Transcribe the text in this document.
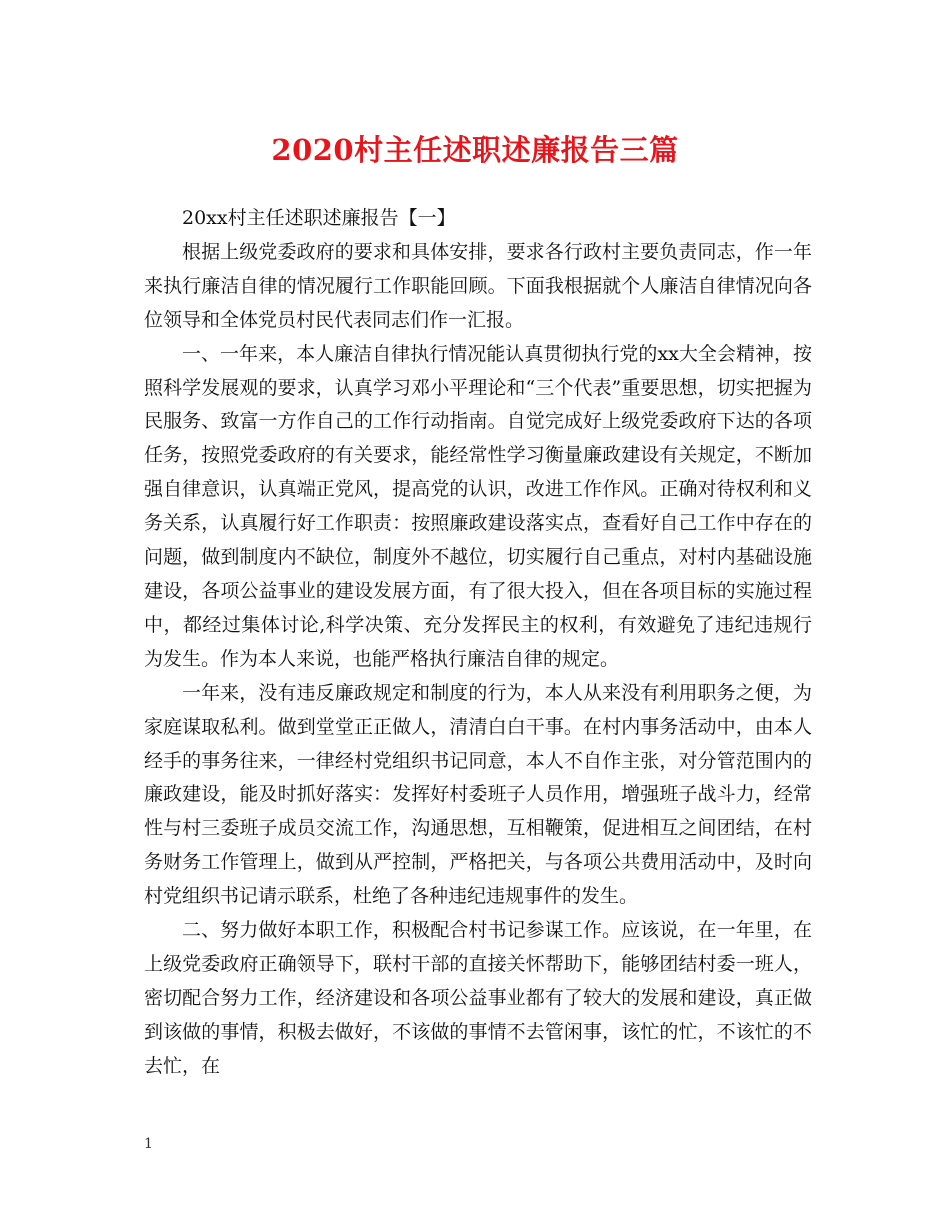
2020村主任述职述廉报告三篇

20xx村主任述职述廉报告【一】

根据上级党委政府的要求和具体安排，要求各行政村主要负责同志，作一年来执行廉洁自律的情况履行工作职能回顾。下面我根据就个人廉洁自律情况向各位领导和全体党员村民代表同志们作一汇报。

一、一年来，本人廉洁自律执行情况能认真贯彻执行党的xx大全会精神，按照科学发展观的要求，认真学习邓小平理论和“三个代表”重要思想，切实把握为民服务、致富一方作自己的工作行动指南。自觉完成好上级党委政府下达的各项任务，按照党委政府的有关要求，能经常性学习衡量廉政建设有关规定，不断加强自律意识，认真端正党风，提高党的认识，改进工作作风。正确对待权利和义务关系，认真履行好工作职责：按照廉政建设落实点，查看好自己工作中存在的问题，做到制度内不缺位，制度外不越位，切实履行自己重点，对村内基础设施建设，各项公益事业的建设发展方面，有了很大投入，但在各项目标的实施过程中，都经过集体讨论,科学决策、充分发挥民主的权利，有效避免了违纪违规行为发生。作为本人来说，也能严格执行廉洁自律的规定。

一年来，没有违反廉政规定和制度的行为，本人从来没有利用职务之便，为家庭谋取私利。做到堂堂正正做人，清清白白干事。在村内事务活动中，由本人经手的事务往来，一律经村党组织书记同意，本人不自作主张，对分管范围内的廉政建设，能及时抓好落实：发挥好村委班子人员作用，增强班子战斗力，经常性与村三委班子成员交流工作，沟通思想，互相鞭策，促进相互之间团结，在村务财务工作管理上，做到从严控制，严格把关，与各项公共费用活动中，及时向村党组织书记请示联系，杜绝了各种违纪违规事件的发生。

二、努力做好本职工作，积极配合村书记参谋工作。应该说，在一年里，在上级党委政府正确领导下，联村干部的直接关怀帮助下，能够团结村委一班人，密切配合努力工作，经济建设和各项公益事业都有了较大的发展和建设，真正做到该做的事情，积极去做好，不该做的事情不去管闲事，该忙的忙，不该忙的不去忙，在

1
